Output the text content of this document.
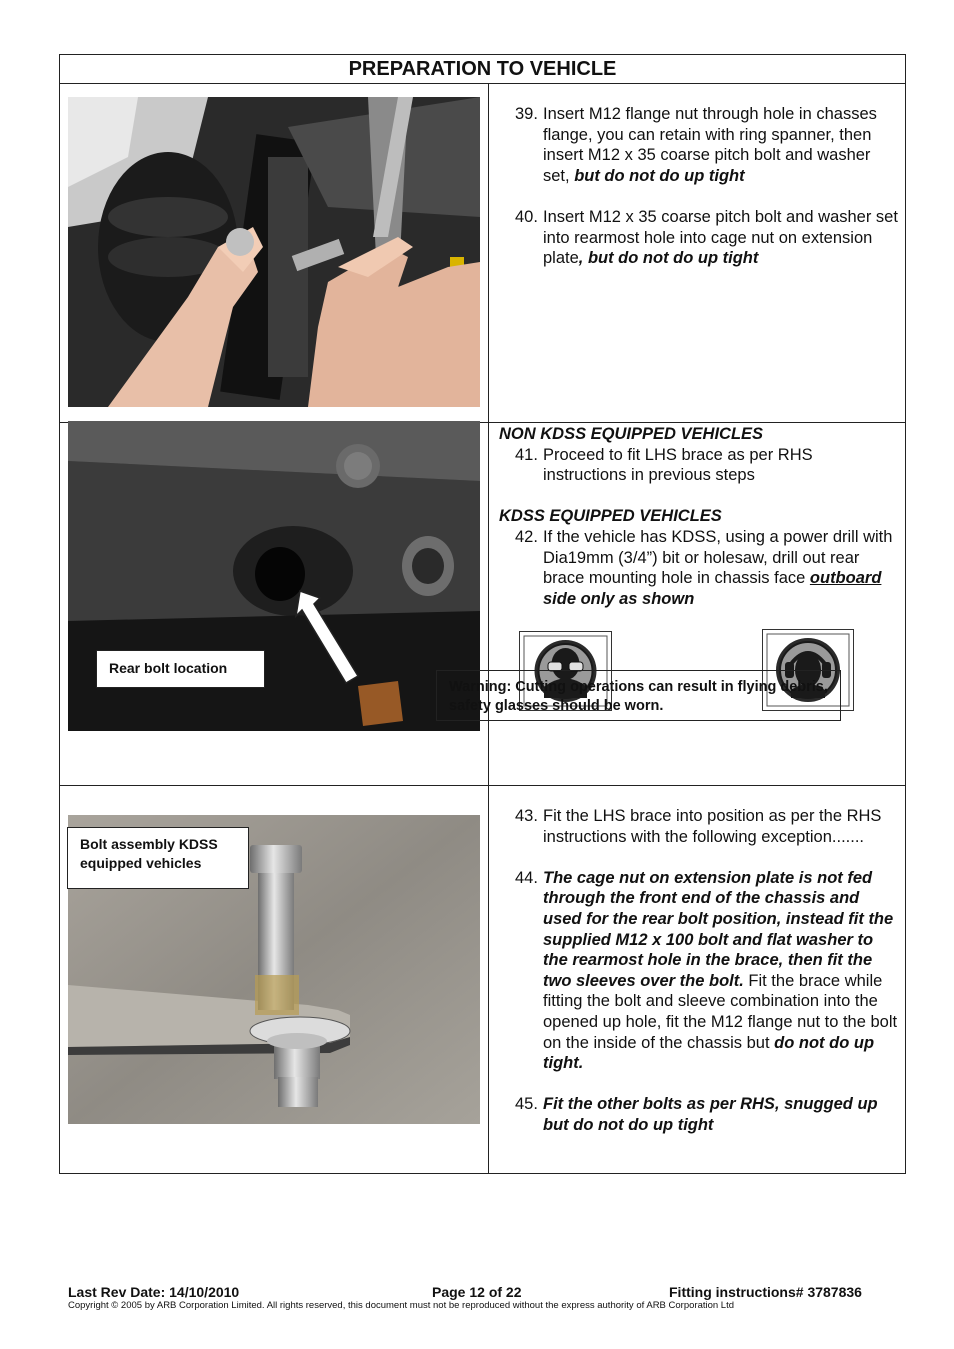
PREPARATION TO VEHICLE

39. Insert M12 flange nut through hole in chasses flange, you can retain with ring spanner, then insert M12 x 35 coarse pitch bolt and washer set, but do not do up tight

40. Insert M12 x 35 coarse pitch bolt and washer set into rearmost hole into cage nut on extension plate, but do not do up tight

Rear bolt location

NON KDSS EQUIPPED VEHICLES

41. Proceed to fit LHS brace as per RHS instructions in previous steps

KDSS EQUIPPED VEHICLES

42. If the vehicle has KDSS, using a power drill with Dia19mm (3/4”) bit or holesaw, drill out rear brace mounting hole in chassis face outboard side only as shown

Warning: Cutting operations can result in flying debris, safety glasses should be worn.
Bolt assembly KDSS equipped vehicles

43. Fit the LHS brace into position as per the RHS instructions with the following exception.......

44. The cage nut on extension plate is not fed through the front end of the chassis and used for the rear bolt position, instead fit the supplied M12 x 100 bolt and flat washer to the rearmost hole in the brace, then fit the two sleeves over the bolt. Fit the brace while fitting the bolt and sleeve combination into the opened up hole, fit the M12 flange nut to the bolt on the inside of the chassis but do not do up tight.

45. Fit the other bolts as per RHS, snugged up but do not do up tight

Last Rev Date: 14/10/2010	Page 12 of 22	Fitting instructions# 3787836
Copyright © 2005 by ARB Corporation Limited. All rights reserved, this document must not be reproduced without the express authority of ARB Corporation Ltd
